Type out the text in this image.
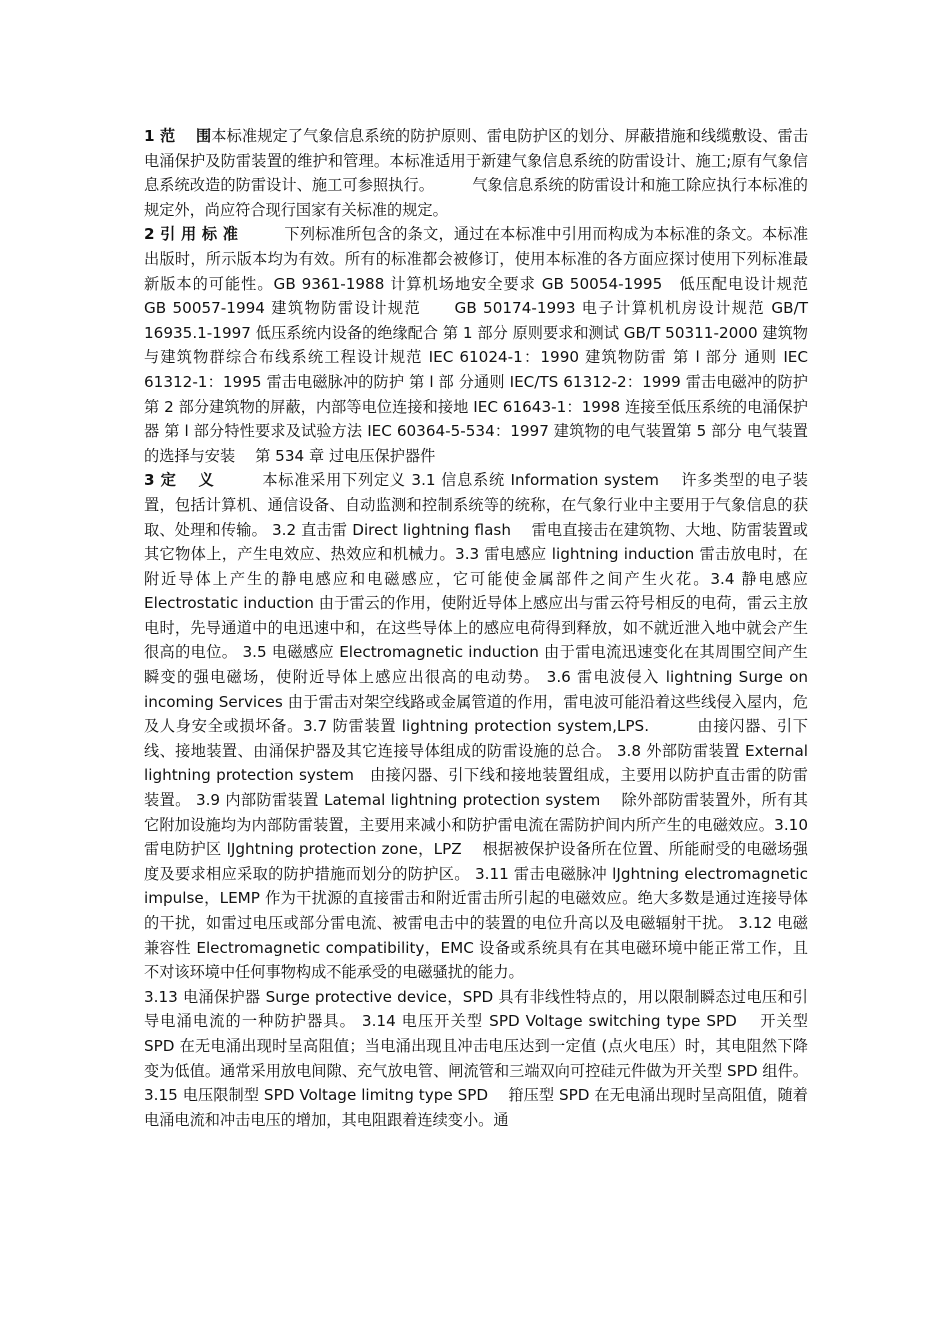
1 范　 围本标准规定了气象信息系统的防护原则、雷电防护区的划分、屏蔽措施和线缆敷设、雷击电涌保护及防雷装置的维护和管理。本标准适用于新建气象信息系统的防雷设计、施工;原有气象信息系统改造的防雷设计、施工可参照执行。　　　气象信息系统的防雷设计和施工除应执行本标准的规定外，尚应符合现行国家有关标准的规定。

2 引 用 标 准　　　下列标准所包含的条文，通过在本标准中引用而构成为本标准的条文。本标准出版时，所示版本均为有效。所有的标准都会被修订，使用本标准的各方面应探讨使用下列标准最新版本的可能性。GB 9361-1988 计算机场地安全要求 GB 50054-1995　低压配电设计规范　 GB 50057-1994 建筑物防雷设计规范　　GB 50174-1993 电子计算机机房设计规范 GB/T 16935.1-1997 低压系统内设备的绝缘配合 第 1 部分 原则要求和测试 GB/T 50311-2000 建筑物与建筑物群综合布线系统工程设计规范 IEC 61024-1：1990 建筑物防雷 第 l 部分 通则 IEC 61312-1：1995 雷击电磁脉冲的防护 第 l 部 分通则 IEC/TS 61312-2：1999 雷击电磁冲的防护 第 2 部分建筑物的屏蔽，内部等电位连接和接地 IEC 61643-1：1998 连接至低压系统的电涌保护器 第 l 部分特性要求及试验方法 IEC 60364-5-534：1997 建筑物的电气装置第 5 部分 电气装置的选择与安装　 第 534 章 过电压保护器件

3 定　 义　　　本标准采用下列定义 3.1 信息系统 Information system　 许多类型的电子装置，包括计算机、通信设备、自动监测和控制系统等的统称，在气象行业中主要用于气象信息的获取、处理和传输。 3.2 直击雷 Direct lightning flash　 雷电直接击在建筑物、大地、防雷装置或其它物体上，产生电效应、热效应和机械力。3.3 雷电感应 lightning induction 雷击放电时，在附近导体上产生的静电感应和电磁感应，它可能使金属部件之间产生火花。3.4 静电感应 Electrostatic induction 由于雷云的作用，使附近导体上感应出与雷云符号相反的电荷，雷云主放电时，先导通道中的电迅速中和，在这些导体上的感应电荷得到释放，如不就近泄入地中就会产生很高的电位。 3.5 电磁感应 Electromagnetic induction 由于雷电流迅速变化在其周围空间产生瞬变的强电磁场，使附近导体上感应出很高的电动势。 3.6 雷电波侵入 lightning Surge on incoming Services 由于雷击对架空线路或金属管道的作用，雷电波可能沿着这些线侵入屋内，危及人身安全或损坏备。3.7 防雷装置 lightning protection system,LPS.　　　由接闪器、引下线、接地装置、由涌保护器及其它连接导体组成的防雷设施的总合。 3.8 外部防雷装置 External lightning protection system　由接闪器、引下线和接地装置组成，主要用以防护直击雷的防雷装置。 3.9 内部防雷装置 Latemal lightning protection system　 除外部防雷装置外，所有其它附加设施均为内部防雷装置，主要用来减小和防护雷电流在需防护间内所产生的电磁效应。3.10 雷电防护区 lJghtning protection zone，LPZ　 根据被保护设备所在位置、所能耐受的电磁场强度及要求相应采取的防护措施而划分的防护区。 3.11 雷击电磁脉冲 lJghtning electromagnetic impulse，LEMP 作为干扰源的直接雷击和附近雷击所引起的电磁效应。绝大多数是通过连接导体的干扰，如雷过电压或部分雷电流、被雷电击中的装置的电位升高以及电磁辐射干扰。 3.12 电磁兼容性 Electromagnetic compatibility，EMC 设备或系统具有在其电磁环境中能正常工作，且不对该环境中任何事物构成不能承受的电磁骚扰的能力。

3.13 电涌保护器 Surge protective device，SPD 具有非线性特点的，用以限制瞬态过电压和引导电涌电流的一种防护器具。 3.14 电压开关型 SPD Voltage switching type SPD　 开关型 SPD 在无电涌出现时呈高阻值；当电涌出现且冲击电压达到一定值 (点火电压）时，其电阻然下降变为低值。通常采用放电间隙、充气放电管、闸流管和三端双向可控硅元件做为开关型 SPD 组件。 3.15 电压限制型 SPD Voltage limitng type SPD　 箝压型 SPD 在无电涌出现时呈高阻值，随着电涌电流和冲击电压的增加，其电阻跟着连续变小。通
